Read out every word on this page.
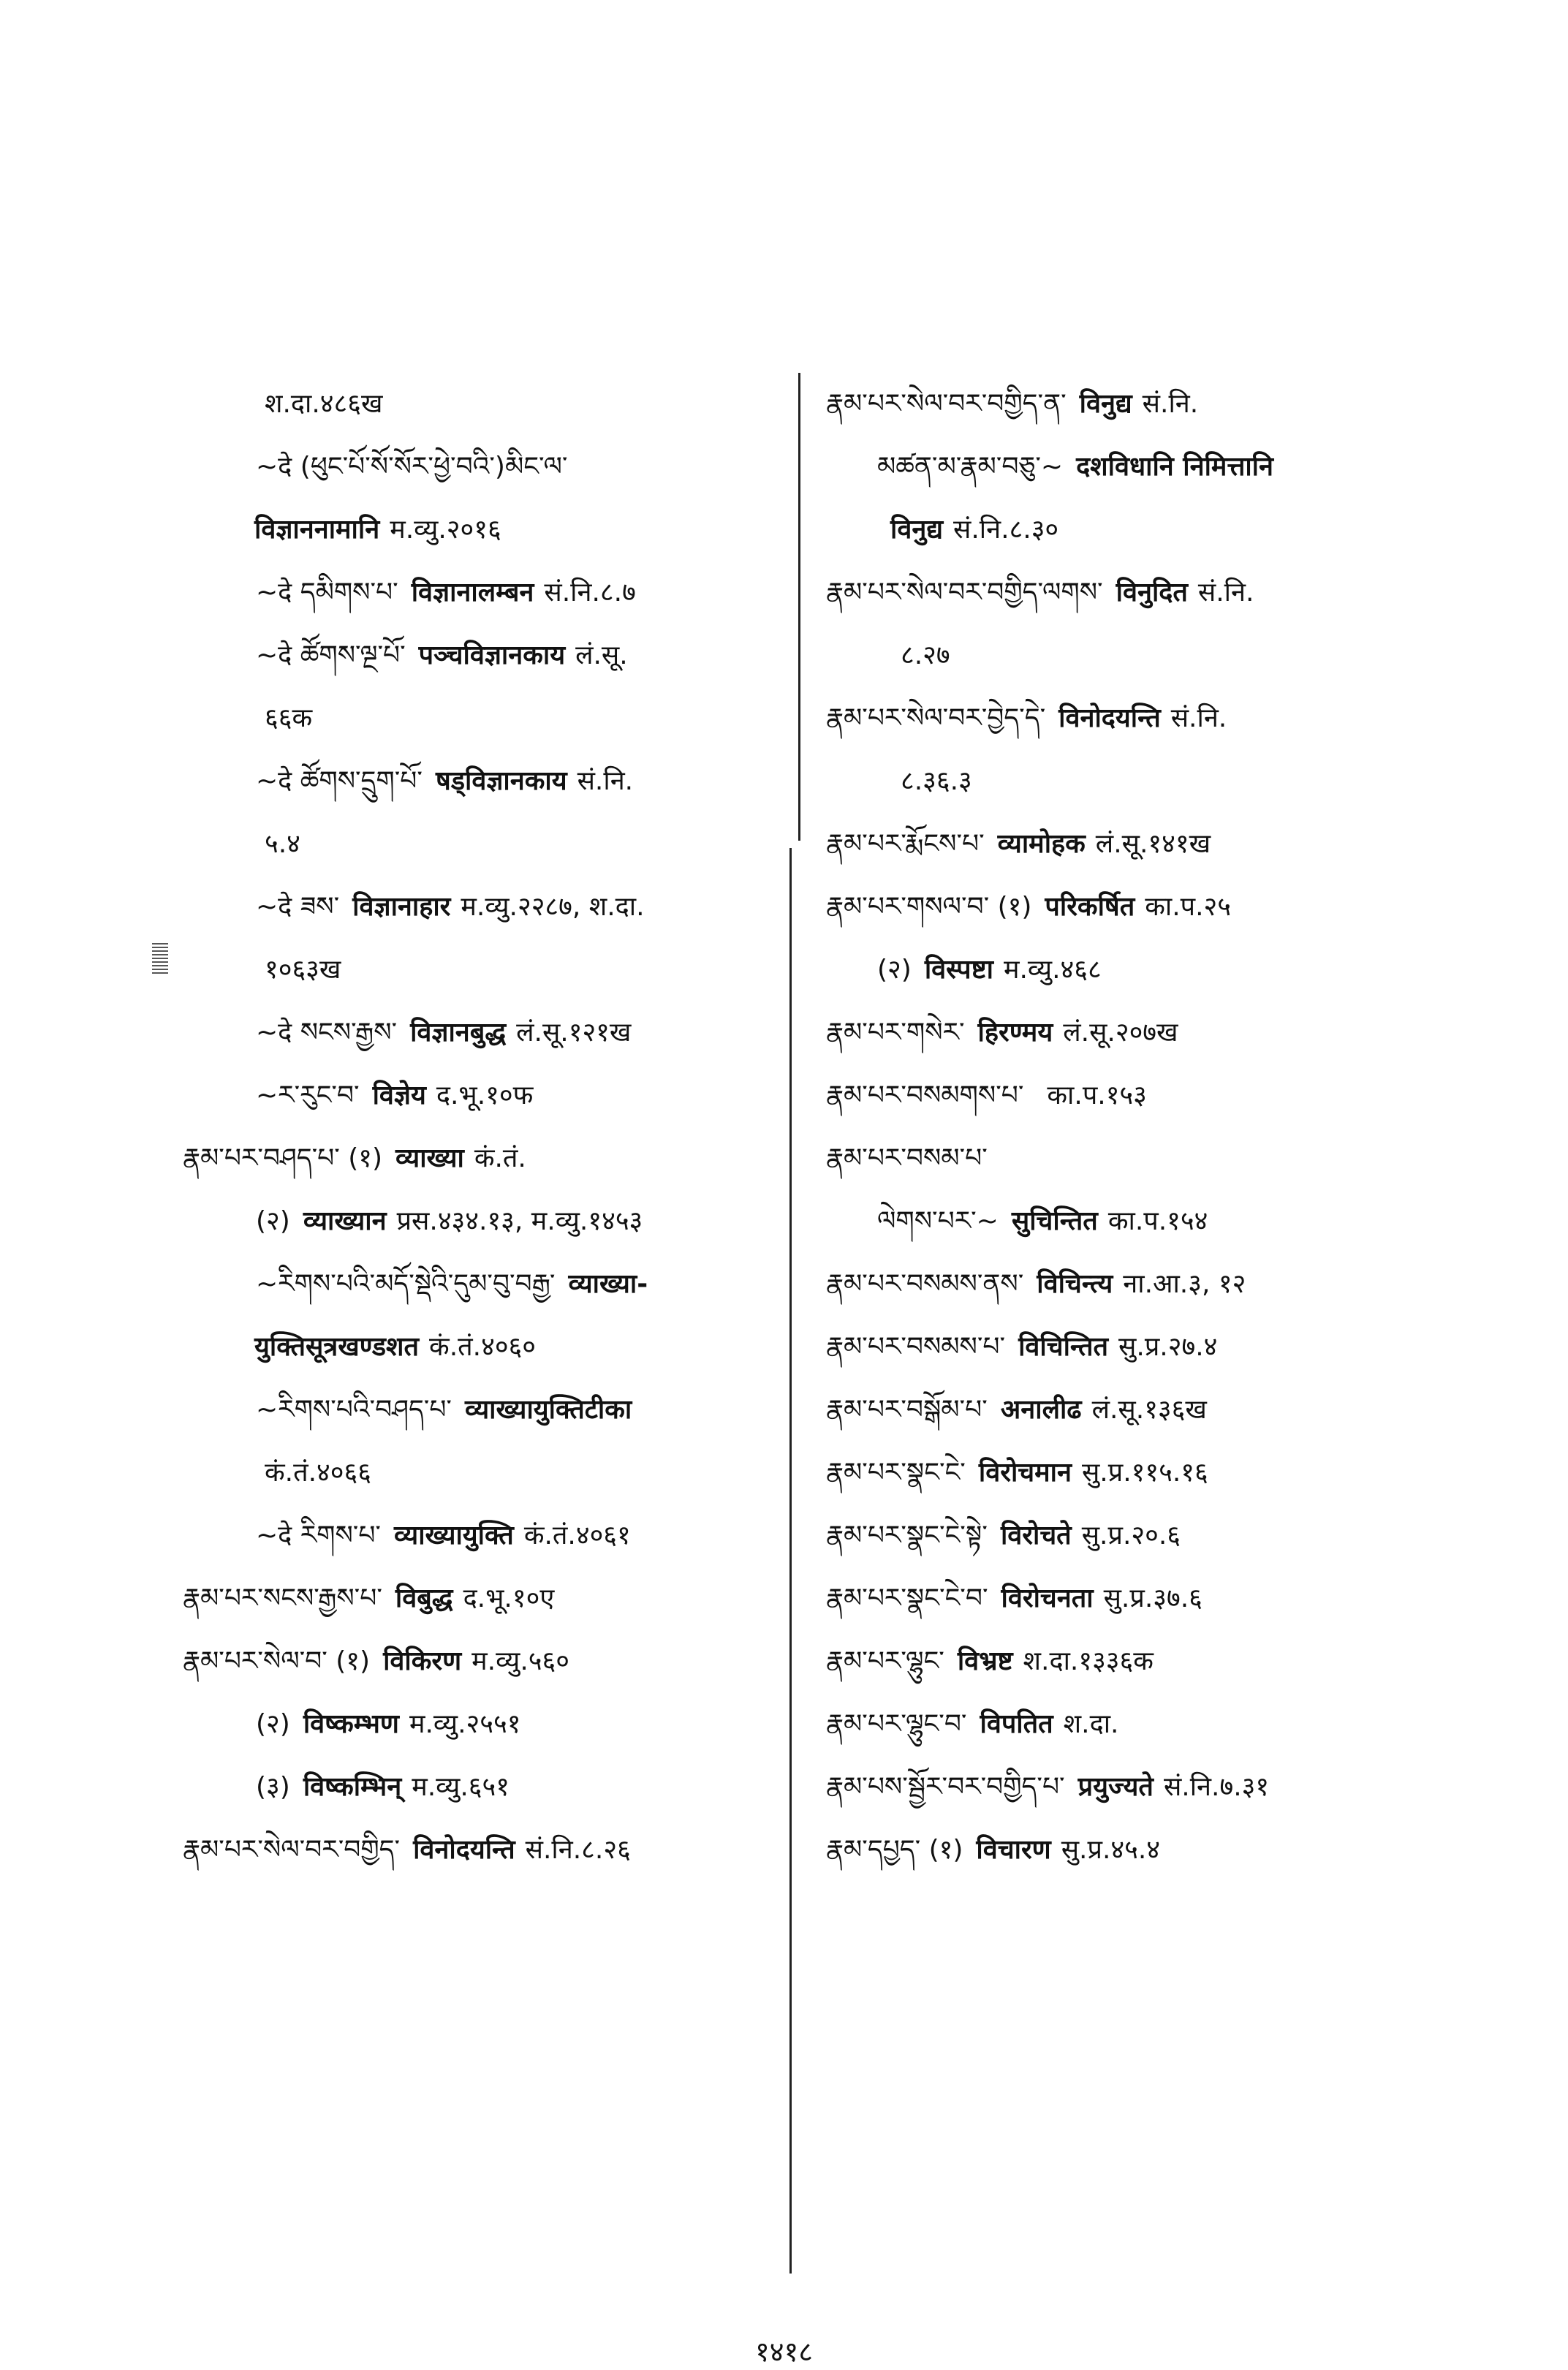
श.दा.४८६ख
~दे (ཕུང་པོ་སོ་སོར་ཕྱེ་བའི་)མིང་ལ་
विज्ञाननामानि म.व्यु.२०१६
~दे དམིགས་པ་ विज्ञानालम्बन सं.नि.८.७
~दे ཚོགས་ལྔ་པོ་ पञ्चविज्ञानकाय लं.सू.
६६क
~दे ཚོགས་དྲུག་པོ་ षड्विज्ञानकाय सं.नि.
५.४
~दे ཟས་ विज्ञानाहार म.व्यु.२२८७, श.दा.
१०६३ख
~दे སངས་རྒྱས་ विज्ञानबुद्ध लं.सू.१२१ख
~ར་རུང་བ་ विज्ञेय द.भू.१०फ
རྣམ་པར་བཤད་པ་ (१) व्याख्या कं.तं.
(२) व्याख्यान प्रस.४३४.१३, म.व्यु.१४५३
~རིགས་པའི་མདོ་སྡེའི་དུམ་བུ་བརྒྱ་ व्याख्या-
युक्तिसूत्रखण्डशत कं.तं.४०६०
~རིགས་པའི་བཤད་པ་ व्याख्यायुक्तिटीका
कं.तं.४०६६
~दे རིགས་པ་ व्याख्यायुक्ति कं.तं.४०६१
རྣམ་པར་སངས་རྒྱས་པ་ विबुद्ध द.भू.१०ए
རྣམ་པར་སེལ་བ་ (१) विकिरण म.व्यु.५६०
(२) विष्कम्भण म.व्यु.२५५१
(३) विष्कम्भिन् म.व्यु.६५१
རྣམ་པར་སེལ་བར་བགྱིད་ विनोदयन्ति सं.नि.८.२६
རྣམ་པར་སེལ་བར་བགྱིད་ན་ विनुद्य सं.नि.
མཚན་མ་རྣམ་བཅུ་~ दशविधानि निमित्तानि
विनुद्य सं.नि.८.३०
རྣམ་པར་སེལ་བར་བགྱིད་ལགས་ विनुदित सं.नि.
८.२७
རྣམ་པར་སེལ་བར་བྱེད་དེ་ विनोदयन्ति सं.नि.
८.३६.३
རྣམ་པར་རྨོངས་པ་ व्यामोहक लं.सू.१४१ख
རྣམ་པར་གསལ་བ་ (१) परिकर्षित का.प.२५
(२) विस्पष्टा म.व्यु.४६८
རྣམ་པར་གསེར་ हिरण्मय लं.सू.२०७ख
རྣམ་པར་བསམགས་པ་ का.प.१५३
རྣམ་པར་བསམ་པ་
ལེགས་པར་~ सुचिन्तित का.प.१५४
རྣམ་པར་བསམས་ནས་ विचिन्त्य ना.आ.३, १२
རྣམ་པར་བསམས་པ་ विचिन्तित सु.प्र.२७.४
རྣམ་པར་བསྒོམ་པ་ अनालीढ लं.सू.१३६ख
རྣམ་པར་སྣང་ངེ་ विरोचमान सु.प्र.११५.१६
རྣམ་པར་སྣང་ངེ་སྟེ་ विरोचते सु.प्र.२०.६
རྣམ་པར་སྣང་ངེ་བ་ विरोचनता सु.प्र.३७.६
རྣམ་པར་ལྷུང་ विभ्रष्ट श.दा.१३३६क
རྣམ་པར་ལྷུང་བ་ विपतित श.दा.
རྣམ་པས་སྦྱོར་བར་བགྱིད་པ་ प्रयुज्यते सं.नि.७.३१
རྣམ་དཔྱད་ (१) विचारण सु.प्र.४५.४
१४१८
